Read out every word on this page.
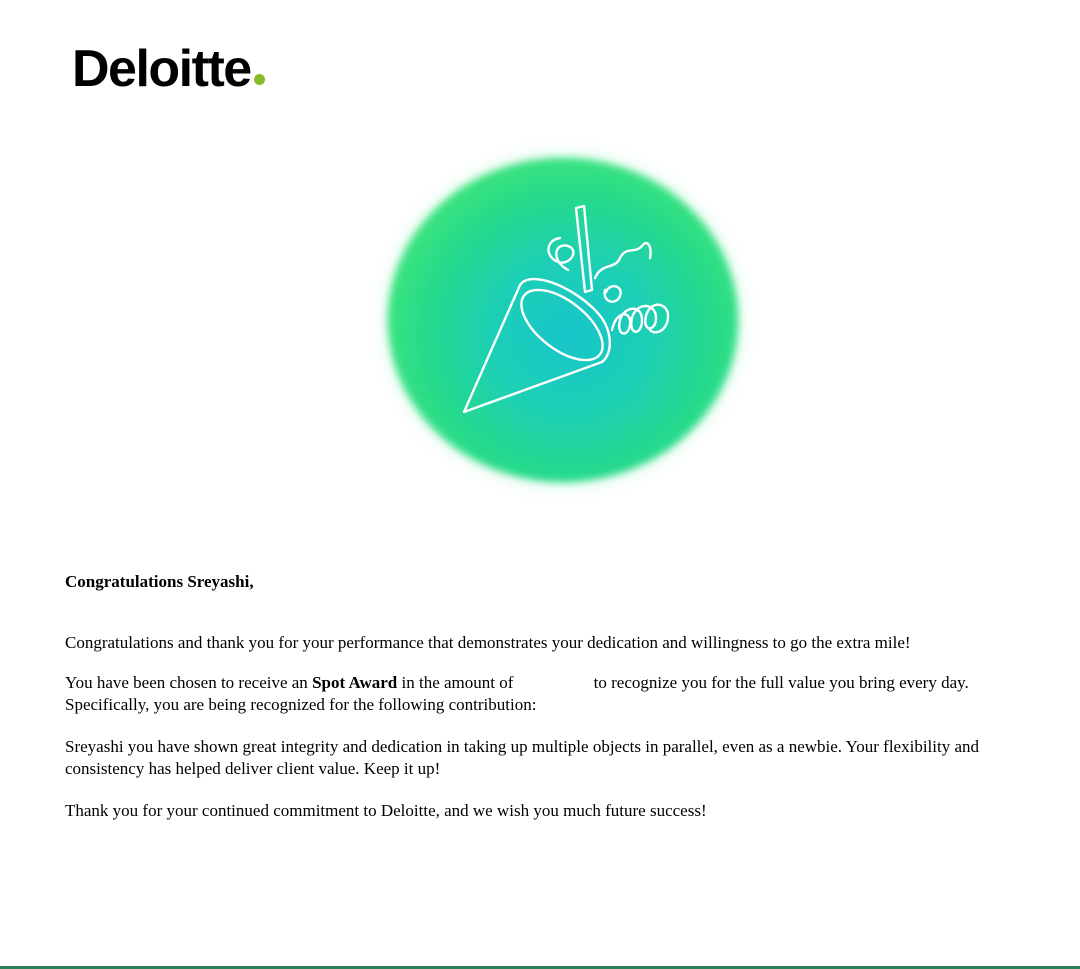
Deloitte

Congratulations Sreyashi,

Congratulations and thank you for your performance that demonstrates your dedication and willingness to go the extra mile!

You have been chosen to receive an Spot Award in the amount of	to recognize you for the full value you bring every day. Specifically, you are being recognized for the following contribution:

Sreyashi you have shown great integrity and dedication in taking up multiple objects in parallel, even as a newbie. Your flexibility and consistency has helped deliver client value. Keep it up!

Thank you for your continued commitment to Deloitte, and we wish you much future success!
